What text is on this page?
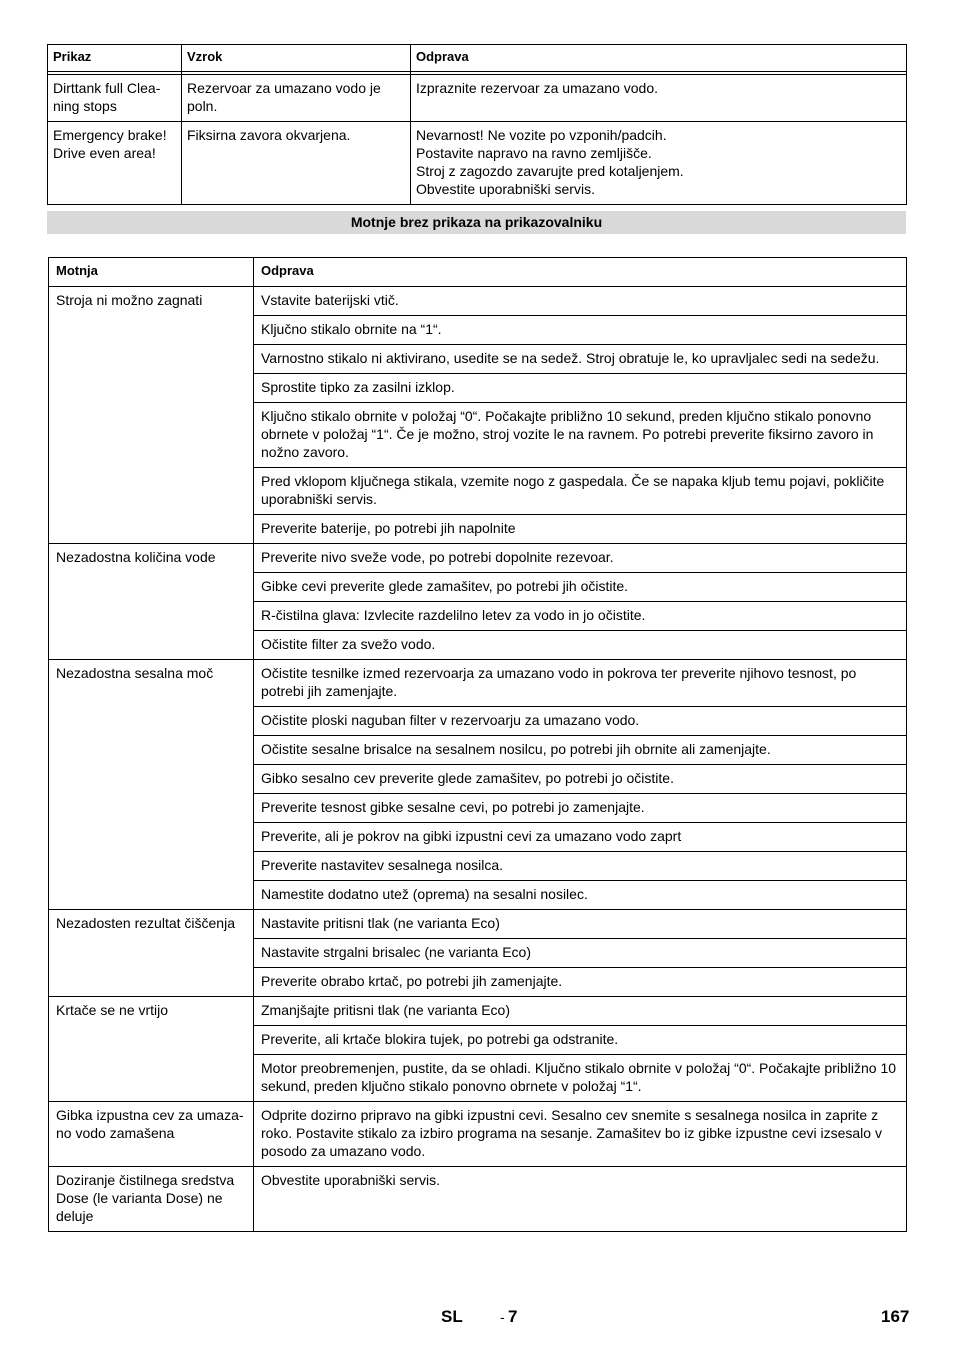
Prikaz	Vzrok	Odprava

Dirttank full Clea-ning stops	Rezervoar za umazano vodo je poln.	Izpraznite rezervoar za umazano vodo.

Emergency brake! Drive even area!	Fiksirna zavora okvarjena.	Nevarnost! Ne vozite po vzponih/padcih.
Postavite napravo na ravno zemljišče.
Stroj z zagozdo zavarujte pred kotaljenjem.
Obvestite uporabniški servis.
Motnje brez prikaza na prikazovalniku
Motnja	Odprava
Stroja ni možno zagnati	Vstavite baterijski vtič.
	Ključno stikalo obrnite na “1“.
	Varnostno stikalo ni aktivirano, usedite se na sedež. Stroj obratuje le, ko upravljalec sedi na sedežu.
	Sprostite tipko za zasilni izklop.
	Ključno stikalo obrnite v položaj “0“. Počakajte približno 10 sekund, preden ključno stikalo ponovno obrnete v položaj “1“. Če je možno, stroj vozite le na ravnem. Po potrebi preverite fiksirno zavoro in nožno zavoro.
	Pred vklopom ključnega stikala, vzemite nogo z gaspedala. Če se napaka kljub temu pojavi, pokličite uporabniški servis.
	Preverite baterije, po potrebi jih napolnite
Nezadostna količina vode	Preverite nivo sveže vode, po potrebi dopolnite rezevoar.
	Gibke cevi preverite glede zamašitev, po potrebi jih očistite.
	R-čistilna glava: Izvlecite razdelilno letev za vodo in jo očistite.
	Očistite filter za svežo vodo.
Nezadostna sesalna moč	Očistite tesnilke izmed rezervoarja za umazano vodo in pokrova ter preverite njihovo tesnost, po potrebi jih zamenjajte.
	Očistite ploski naguban filter v rezervoarju za umazano vodo.
	Očistite sesalne brisalce na sesalnem nosilcu, po potrebi jih obrnite ali zamenjajte.
	Gibko sesalno cev preverite glede zamašitev, po potrebi jo očistite.
	Preverite tesnost gibke sesalne cevi, po potrebi jo zamenjajte.
	Preverite, ali je pokrov na gibki izpustni cevi za umazano vodo zaprt
	Preverite nastavitev sesalnega nosilca.
	Namestite dodatno utež (oprema) na sesalni nosilec.
Nezadosten rezultat čiščenja	Nastavite pritisni tlak (ne varianta Eco)
	Nastavite strgalni brisalec (ne varianta Eco)
	Preverite obrabo krtač, po potrebi jih zamenjajte.
Krtače se ne vrtijo	Zmanjšajte pritisni tlak (ne varianta Eco)
	Preverite, ali krtače blokira tujek, po potrebi ga odstranite.
	Motor preobremenjen, pustite, da se ohladi. Ključno stikalo obrnite v položaj “0“. Počakajte približno 10 sekund, preden ključno stikalo ponovno obrnete v položaj “1“.
Gibka izpustna cev za umaza-no vodo zamašena	Odprite dozirno pripravo na gibki izpustni cevi. Sesalno cev snemite s sesalnega nosilca in zaprite z roko. Postavite stikalo za izbiro programa na sesanje. Zamašitev bo iz gibke izpustne cevi izsesalo v posodo za umazano vodo.
Doziranje čistilnega sredstva Dose (le varianta Dose) ne deluje	Obvestite uporabniški servis.
SL	- 7	167
